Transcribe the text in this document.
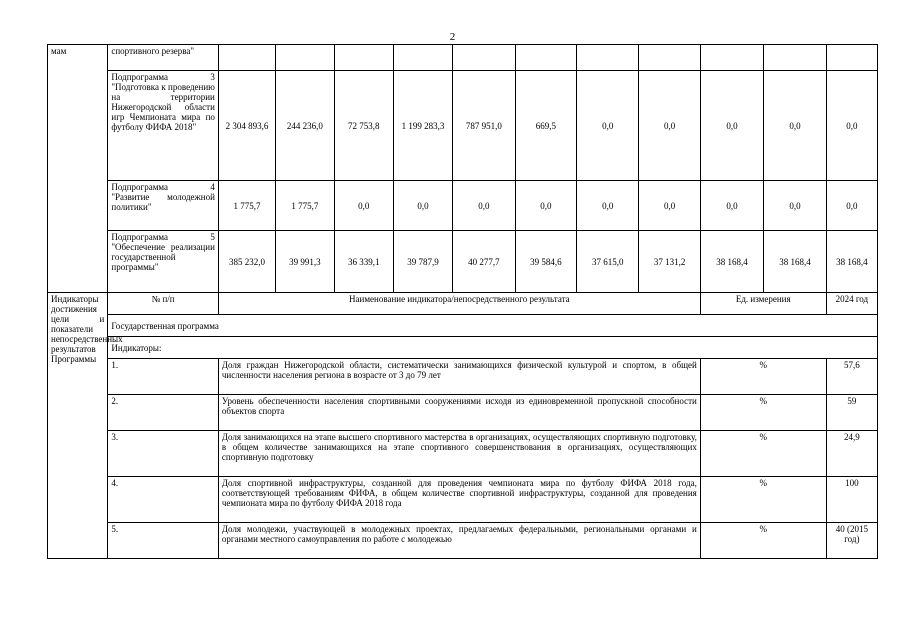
2
мам	спортивного резерва"											
	Подпрограмма 3 "Подготовка к проведению на территории Нижегородской области игр Чемпионата мира по футболу ФИФА 2018"	2 304 893,6	244 236,0	72 753,8	1 199 283,3	787 951,0	669,5	0,0	0,0	0,0	0,0	0,0
	Подпрограмма 4 "Развитие молодежной политики"	1 775,7	1 775,7	0,0	0,0	0,0	0,0	0,0	0,0	0,0	0,0	0,0
	Подпрограмма 5 "Обеспечение реализации государственной программы"	385 232,0	39 991,3	36 339,1	39 787,9	40 277,7	39 584,6	37 615,0	37 131,2	38 168,4	38 168,4	38 168,4
Индикаторы достижения цели и показатели непосредственных результатов Программы	№ п/п	Наименование индикатора/непосредственного результата								Ед. измерения		2024 год
	Государственная программа											
	Индикаторы:											
	1.	Доля граждан Нижегородской области, систематически занимающихся физической культурой и спортом, в общей численности населения региона в возрасте от 3 до 79 лет								%		57,6
	2.	Уровень обеспеченности населения спортивными сооружениями исходя из единовременной пропускной способности объектов спорта								%		59
	3.	Доля занимающихся на этапе высшего спортивного мастерства в организациях, осуществляющих спортивную подготовку, в общем количестве занимающихся на этапе спортивного совершенствования в организациях, осуществляющих спортивную подготовку								%		24,9
	4.	Доля спортивной инфраструктуры, созданной для проведения чемпионата мира по футболу ФИФА 2018 года, соответствующей требованиям ФИФА, в общем количестве спортивной инфраструктуры, созданной для проведения чемпионата мира по футболу ФИФА 2018 года								%		100
	5.	Доля молодежи, участвующей в молодежных проектах, предлагаемых федеральными, региональными органами и органами местного самоуправления по работе с молодежью								%		40 (2015 год)
